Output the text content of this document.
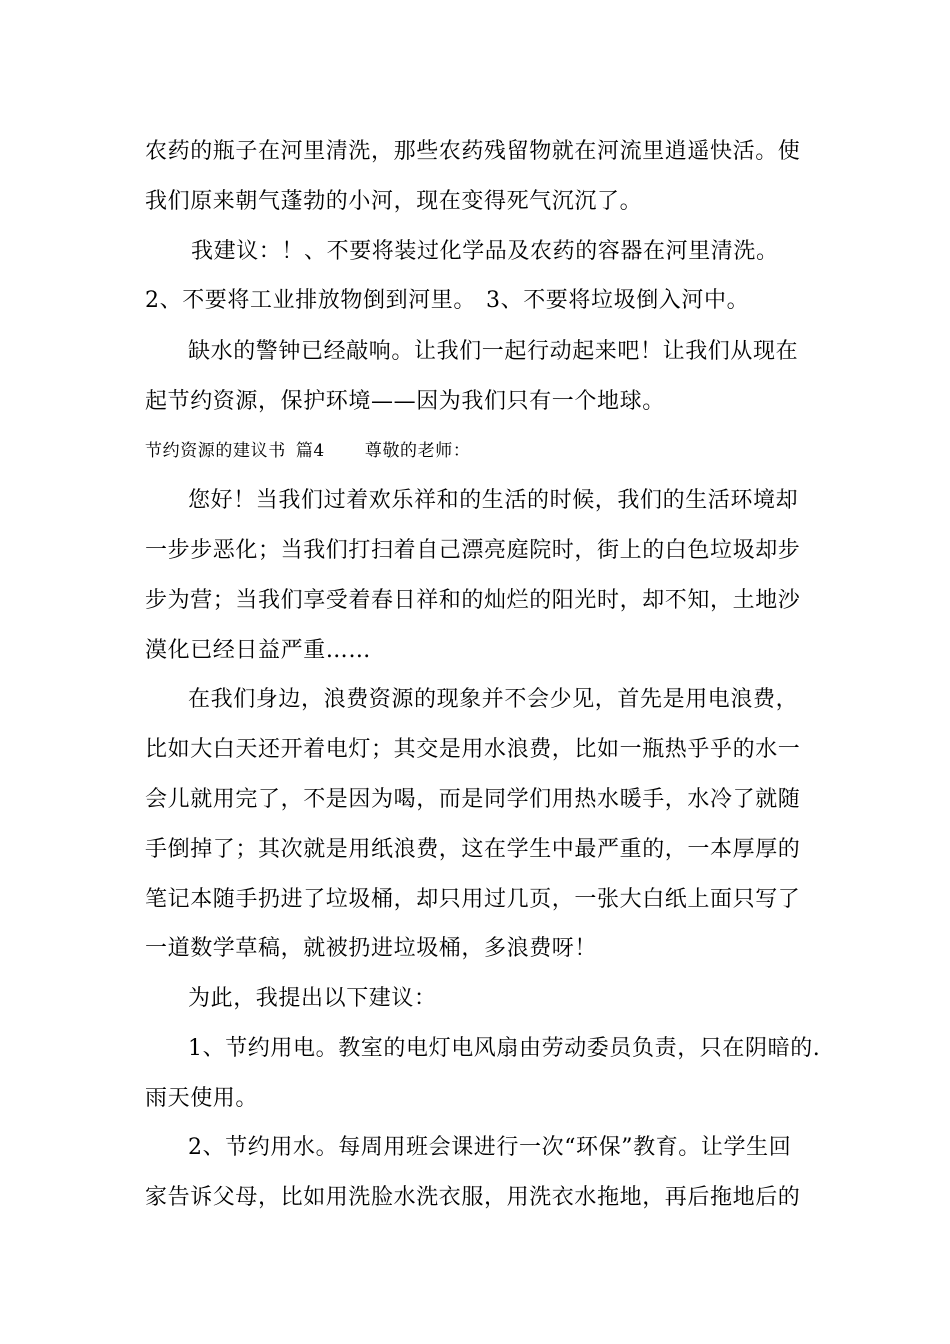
农药的瓶子在河里清洗，那些农药残留物就在河流里逍遥快活。使
我们原来朝气蓬勃的小河，现在变得死气沉沉了。
我建议：！、不要将装过化学品及农药的容器在河里清洗。
2、不要将工业排放物倒到河里。 3、不要将垃圾倒入河中。
缺水的警钟已经敲响。让我们一起行动起来吧！让我们从现在
起节约资源，保护环境——因为我们只有一个地球。
节约资源的建议书 篇4 尊敬的老师：
您好！当我们过着欢乐祥和的生活的时候，我们的生活环境却
一步步恶化；当我们打扫着自己漂亮庭院时，街上的白色垃圾却步
步为营；当我们享受着春日祥和的灿烂的阳光时，却不知，土地沙
漠化已经日益严重……
在我们身边，浪费资源的现象并不会少见，首先是用电浪费，
比如大白天还开着电灯；其交是用水浪费，比如一瓶热乎乎的水一
会儿就用完了，不是因为喝，而是同学们用热水暖手，水冷了就随
手倒掉了；其次就是用纸浪费，这在学生中最严重的，一本厚厚的
笔记本随手扔进了垃圾桶，却只用过几页，一张大白纸上面只写了
一道数学草稿，就被扔进垃圾桶，多浪费呀！
为此，我提出以下建议：
1、节约用电。教室的电灯电风扇由劳动委员负责，只在阴暗的.
雨天使用。
2、节约用水。每周用班会课进行一次“环保”教育。让学生回
家告诉父母，比如用洗脸水洗衣服，用洗衣水拖地，再后拖地后的
